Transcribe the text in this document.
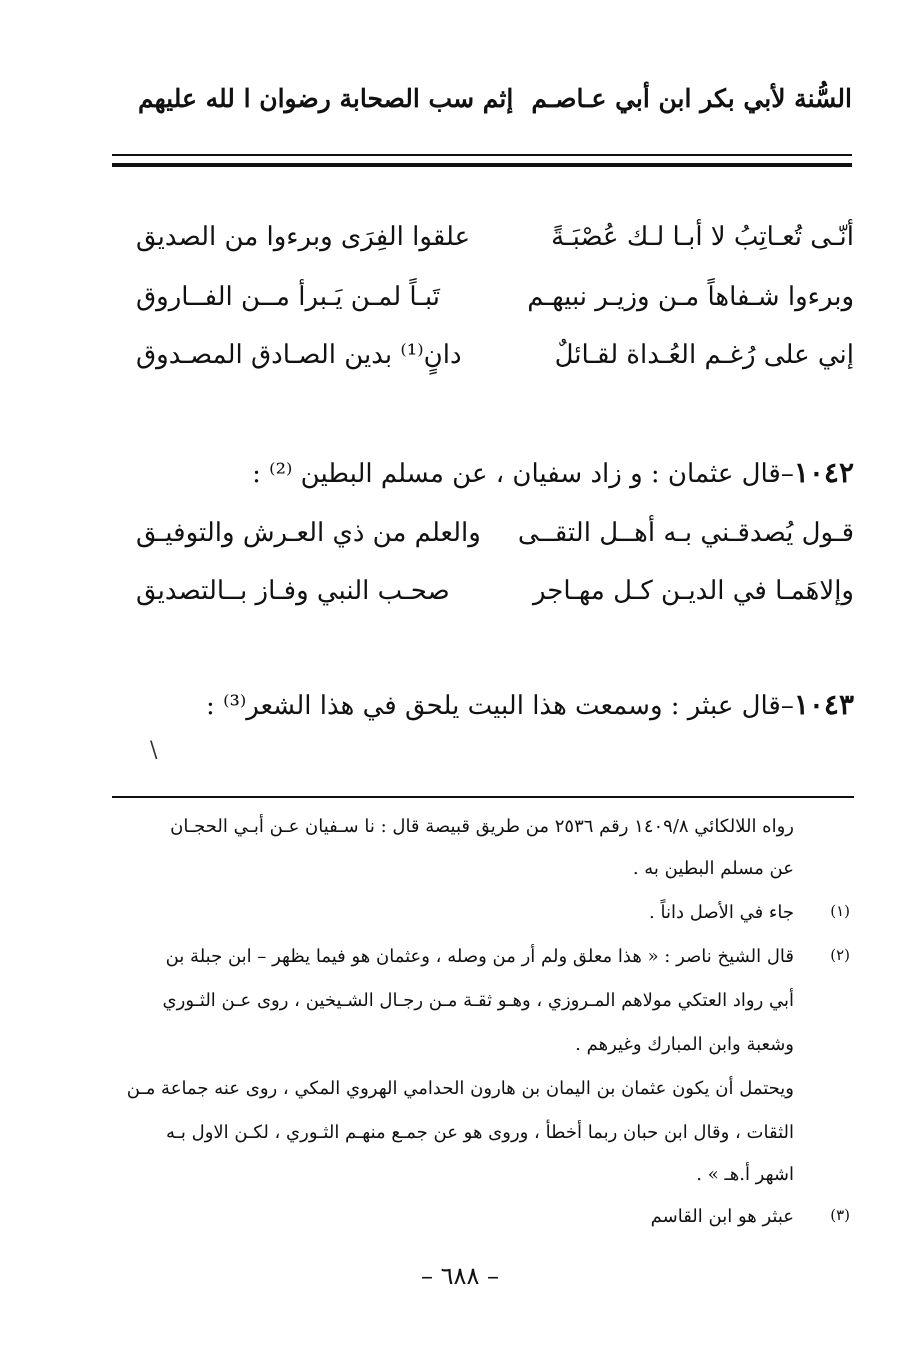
السُّنة لأبي بكر ابن أبي عـاصـم
إثم سب الصحابة رضوان ا لله عليهم
أنّـى تُعـاتِبُ لا أبـا لـك عُصْبَـةً
علقوا الفِرَى وبرءوا من الصديق
وبرءوا شـفاهاً مـن وزيـر نبيهـم
تَبـاً لمـن يَـبرأ مــن الفــاروق
إني على رُغـم العُـداة لقـائلٌ
دانٍ⁽¹⁾ بدين الصـادق المصـدوق
١٠٤٢–قال عثمان : و زاد سفيان ، عن مسلم البطين ⁽²⁾ :
قـول يُصدقـني بـه أهــل التقــى
والعلم من ذي العـرش والتوفيـق
وإلاهَمـا في الديـن كـل مهـاجر
صحـب النبي وفـاز بــالتصديق
١٠٤٣–قال عبثر : وسمعت هذا البيت يلحق في هذا الشعر⁽³⁾ :
\
رواه اللالكائي ١٤٠٩/٨ رقم ٢٥٣٦ من طريق قبيصة قال : نا سـفيان عـن أبـي الحجـان
عن مسلم البطين به .
(١)
جاء في الأصل داناً .
(٢)
قال الشيخ ناصر : « هذا معلق ولم أر من وصله ، وعثمان هو فيما يظهر – ابن جبلة بن
أبي رواد العتكي مولاهم المـروزي ، وهـو ثقـة مـن رجـال الشـيخين ، روى عـن الثـوري
وشعبة وابن المبارك وغيرهم .
ويحتمل أن يكون عثمان بن اليمان بن هارون الحدامي الهروي المكي ، روى عنه جماعة مـن
الثقات ، وقال ابن حبان ربما أخطأ ، وروى هو عن جمـع منهـم الثـوري ، لكـن الاول بـه
اشهر أ.هـ » .
(٣)
عبثر هو ابن القاسم
– ٦٨٨ –
